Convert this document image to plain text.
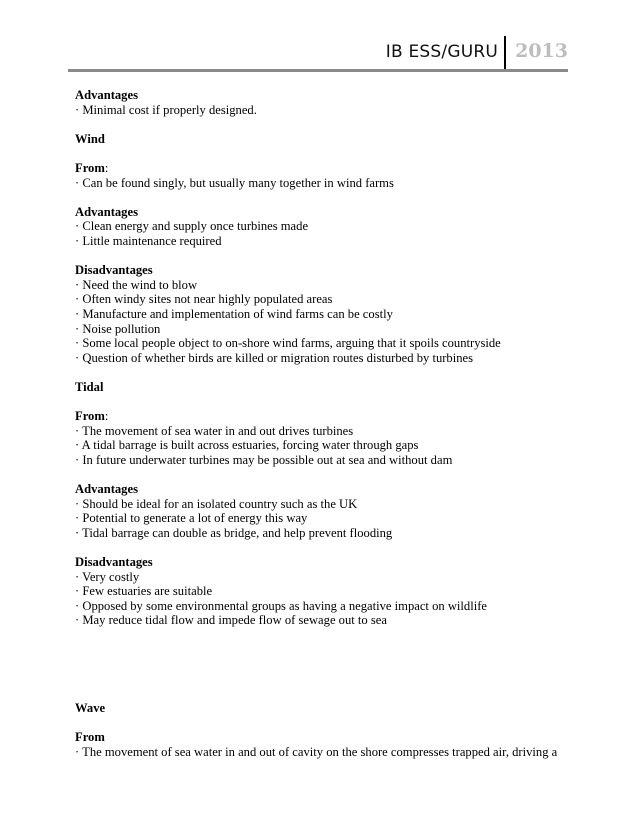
IB ESS/GURU 2013
Advantages
· Minimal cost if properly designed.
Wind
From:
· Can be found singly, but usually many together in wind farms
Advantages
· Clean energy and supply once turbines made
· Little maintenance required
Disadvantages
· Need the wind to blow
· Often windy sites not near highly populated areas
· Manufacture and implementation of wind farms can be costly
· Noise pollution
· Some local people object to on-shore wind farms, arguing that it spoils countryside
· Question of whether birds are killed or migration routes disturbed by turbines
Tidal
From:
· The movement of sea water in and out drives turbines
· A tidal barrage is built across estuaries, forcing water through gaps
· In future underwater turbines may be possible out at sea and without dam
Advantages
· Should be ideal for an isolated country such as the UK
· Potential to generate a lot of energy this way
· Tidal barrage can double as bridge, and help prevent flooding
Disadvantages
· Very costly
· Few estuaries are suitable
· Opposed by some environmental groups as having a negative impact on wildlife
· May reduce tidal flow and impede flow of sewage out to sea
Wave
From
· The movement of sea water in and out of cavity on the shore compresses trapped air, driving a
